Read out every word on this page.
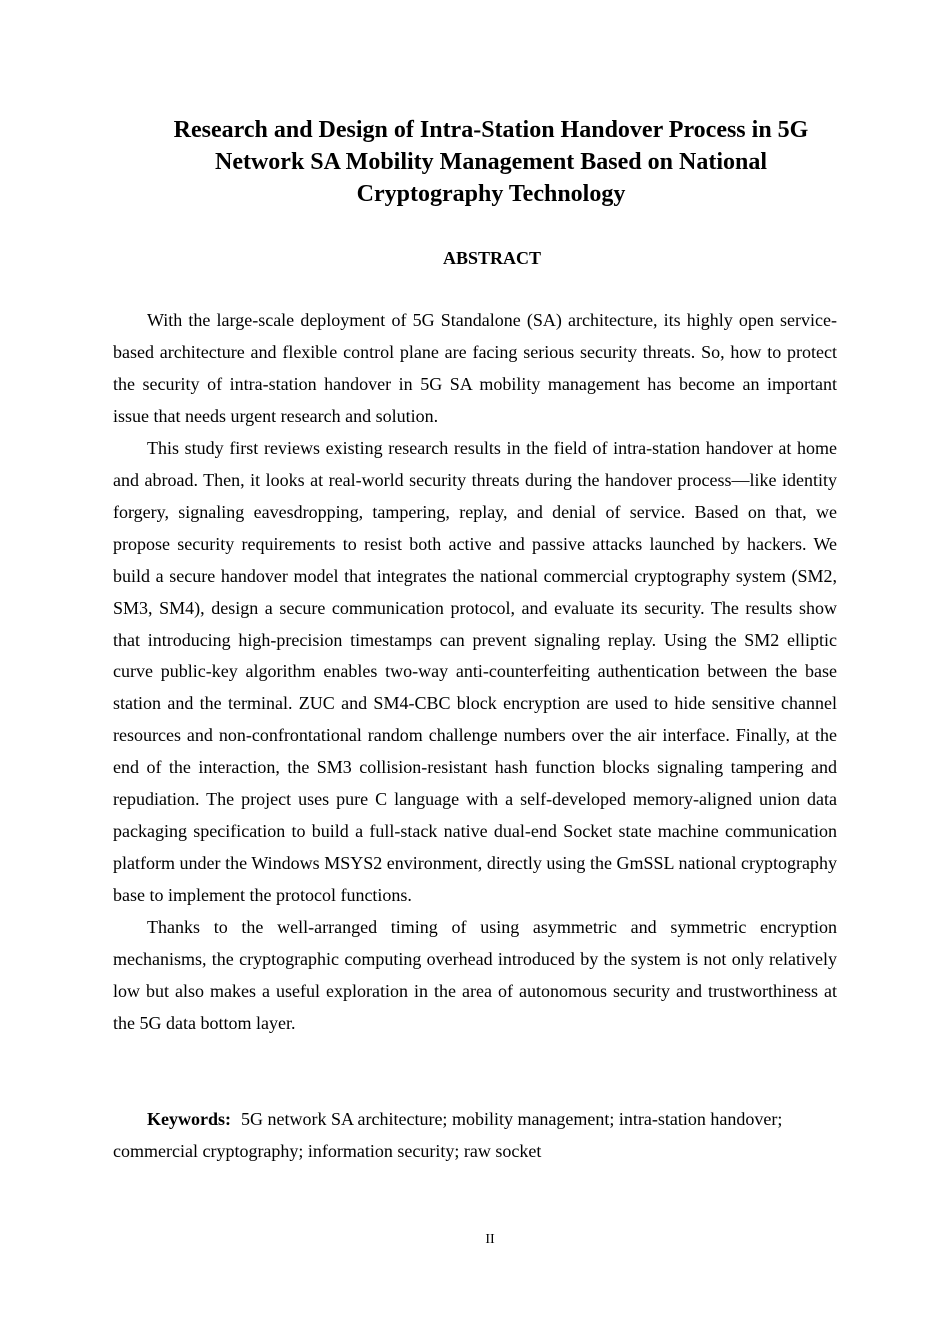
Research and Design of Intra-Station Handover Process in 5G
Network SA Mobility Management Based on National
Cryptography Technology
ABSTRACT

With the large-scale deployment of 5G Standalone (SA) architecture, its highly open service-based architecture and flexible control plane are facing serious security threats. So, how to protect the security of intra-station handover in 5G SA mobility management has become an important issue that needs urgent research and solution.

This study first reviews existing research results in the field of intra-station handover at home and abroad. Then, it looks at real-world security threats during the handover process—like identity forgery, signaling eavesdropping, tampering, replay, and denial of service. Based on that, we propose security requirements to resist both active and passive attacks launched by hackers. We build a secure handover model that integrates the national commercial cryptography system (SM2, SM3, SM4), design a secure communication protocol, and evaluate its security. The results show that introducing high-precision timestamps can prevent signaling replay. Using the SM2 elliptic curve public-key algorithm enables two-way anti-counterfeiting authentication between the base station and the terminal. ZUC and SM4-CBC block encryption are used to hide sensitive channel resources and non-confrontational random challenge numbers over the air interface. Finally, at the end of the interaction, the SM3 collision-resistant hash function blocks signaling tampering and repudiation. The project uses pure C language with a self-developed memory-aligned union data packaging specification to build a full-stack native dual-end Socket state machine communication platform under the Windows MSYS2 environment, directly using the GmSSL national cryptography base to implement the protocol functions.

Thanks to the well-arranged timing of using asymmetric and symmetric encryption mechanisms, the cryptographic computing overhead introduced by the system is not only relatively low but also makes a useful exploration in the area of autonomous security and trustworthiness at the 5G data bottom layer.

Keywords: 5G network SA architecture; mobility management; intra-station handover; commercial cryptography; information security; raw socket

II
